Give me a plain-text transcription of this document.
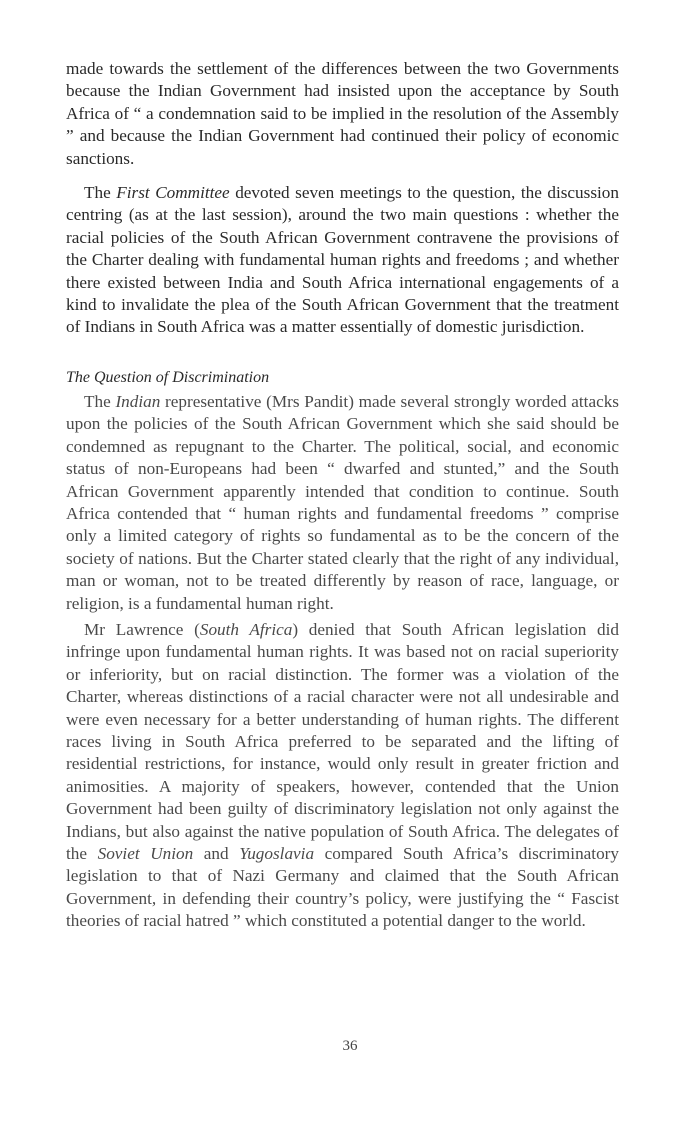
made towards the settlement of the differences between the two Governments because the Indian Government had insisted upon the acceptance by South Africa of “ a condemnation said to be implied in the resolution of the Assembly ” and because the Indian Government had continued their policy of economic sanctions.

The First Committee devoted seven meetings to the question, the discussion centring (as at the last session), around the two main questions : whether the racial policies of the South African Government contravene the provisions of the Charter dealing with fundamental human rights and freedoms ; and whether there existed between India and South Africa international engagements of a kind to invalidate the plea of the South African Government that the treatment of Indians in South Africa was a matter essentially of domestic jurisdiction.

The Question of Discrimination

The Indian representative (Mrs Pandit) made several strongly worded attacks upon the policies of the South African Government which she said should be condemned as repugnant to the Charter. The political, social, and economic status of non-Europeans had been “ dwarfed and stunted,” and the South African Government apparently intended that condition to continue. South Africa contended that “ human rights and fundamental freedoms ” comprise only a limited category of rights so fundamental as to be the concern of the society of nations. But the Charter stated clearly that the right of any individual, man or woman, not to be treated differently by reason of race, language, or religion, is a fundamental human right.

Mr Lawrence (South Africa) denied that South African legislation did infringe upon fundamental human rights. It was based not on racial superiority or inferiority, but on racial distinction. The former was a violation of the Charter, whereas distinctions of a racial character were not all undesirable and were even necessary for a better understanding of human rights. The different races living in South Africa preferred to be separated and the lifting of residential restrictions, for instance, would only result in greater friction and animosities. A majority of speakers, however, contended that the Union Government had been guilty of discriminatory legislation not only against the Indians, but also against the native population of South Africa. The delegates of the Soviet Union and Yugoslavia compared South Africa’s discriminatory legislation to that of Nazi Germany and claimed that the South African Government, in defending their country’s policy, were justifying the “ Fascist theories of racial hatred ” which constituted a potential danger to the world.

36
